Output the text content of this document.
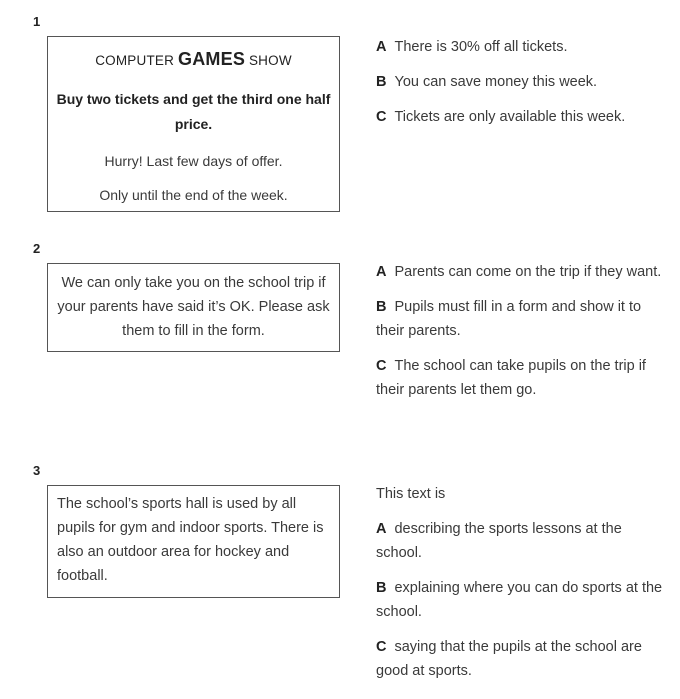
1

COMPUTER GAMES SHOW

Buy two tickets and get the third one half price.

Hurry! Last few days of offer.

Only until the end of the week.

A There is 30% off all tickets.

B You can save money this week.

C Tickets are only available this week.

2

We can only take you on the school trip if your parents have said it’s OK. Please ask them to fill in the form.

A Parents can come on the trip if they want.

B Pupils must fill in a form and show it to their parents.

C The school can take pupils on the trip if their parents let them go.

3

The school’s sports hall is used by all pupils for gym and indoor sports. There is also an outdoor area for hockey and football.

This text is

A describing the sports lessons at the school.

B explaining where you can do sports at the school.

C saying that the pupils at the school are good at sports.
